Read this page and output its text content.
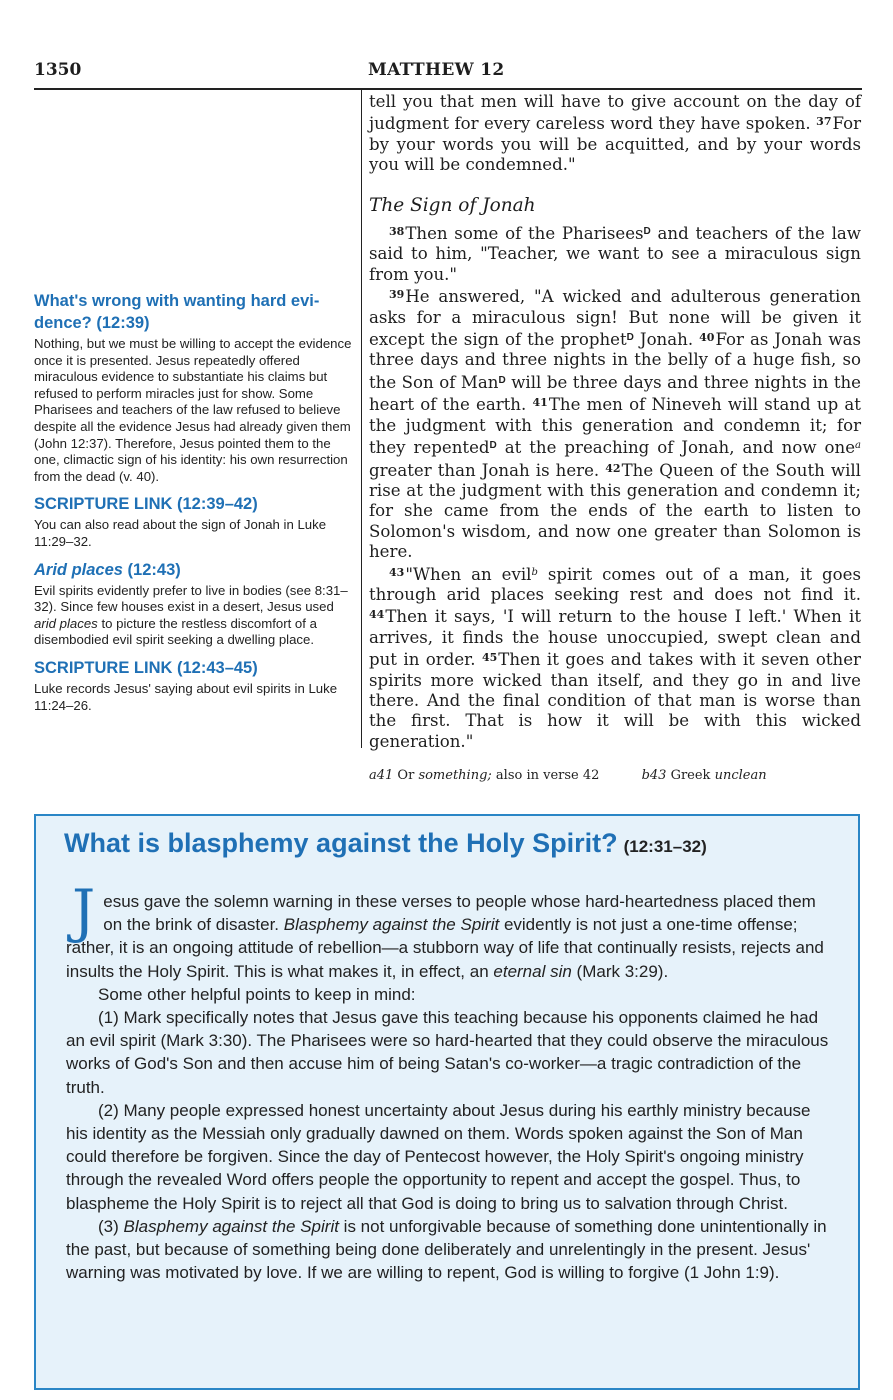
1350	MATTHEW 12

What's wrong with wanting hard evi-
dence? (12:39)

Nothing, but we must be willing to accept the evidence once it is presented. Jesus repeatedly offered miraculous evidence to substantiate his claims but refused to perform miracles just for show. Some Pharisees and teachers of the law refused to believe despite all the evidence Jesus had already given them (John 12:37). Therefore, Jesus pointed them to the one, climactic sign of his identity: his own resurrection from the dead (v. 40).

SCRIPTURE LINK (12:39–42)

You can also read about the sign of Jonah in Luke 11:29–32.

Arid places (12:43)

Evil spirits evidently prefer to live in bodies (see 8:31–32). Since few houses exist in a desert, Jesus used arid places to picture the restless discomfort of a disembodied evil spirit seeking a dwelling place.

SCRIPTURE LINK (12:43–45)

Luke records Jesus' saying about evil spirits in Luke 11:24–26.

tell you that men will have to give account on the day of judgment for every careless word they have spoken. $^{37}$For by your words you will be acquitted, and by your words you will be condemned."

The Sign of Jonah

$^{38}$Then some of the Pharisees$^D$ and teachers of the law said to him, "Teacher, we want to see a miraculous sign from you."

$^{39}$He answered, "A wicked and adulterous generation asks for a miraculous sign! But none will be given it except the sign of the prophet$^D$ Jonah. $^{40}$For as Jonah was three days and three nights in the belly of a huge fish, so the Son of Man$^D$ will be three days and three nights in the heart of the earth. $^{41}$The men of Nineveh will stand up at the judgment with this generation and condemn it; for they repented$^D$ at the preaching of Jonah, and now one$^a$ greater than Jonah is here. $^{42}$The Queen of the South will rise at the judgment with this generation and condemn it; for she came from the ends of the earth to listen to Solomon's wisdom, and now one greater than Solomon is here.

$^{43}$"When an evil$^b$ spirit comes out of a man, it goes through arid places seeking rest and does not find it. $^{44}$Then it says, 'I will return to the house I left.' When it arrives, it finds the house unoccupied, swept clean and put in order. $^{45}$Then it goes and takes with it seven other spirits more wicked than itself, and they go in and live there. And the final condition of that man is worse than the first. That is how it will be with this wicked generation."

a41 Or something; also in verse 42	b43 Greek unclean
What is blasphemy against the Holy Spirit? (12:31–32)

Jesus gave the solemn warning in these verses to people whose hard-heartedness placed them on the brink of disaster. Blasphemy against the Spirit evidently is not just a one-time offense; rather, it is an ongoing attitude of rebellion—a stubborn way of life that continually resists, rejects and insults the Holy Spirit. This is what makes it, in effect, an eternal sin (Mark 3:29).

Some other helpful points to keep in mind:

(1) Mark specifically notes that Jesus gave this teaching because his opponents claimed he had an evil spirit (Mark 3:30). The Pharisees were so hard-hearted that they could observe the miraculous works of God's Son and then accuse him of being Satan's co-worker—a tragic contradiction of the truth.

(2) Many people expressed honest uncertainty about Jesus during his earthly ministry because his identity as the Messiah only gradually dawned on them. Words spoken against the Son of Man could therefore be forgiven. Since the day of Pentecost however, the Holy Spirit's ongoing ministry through the revealed Word offers people the opportunity to repent and accept the gospel. Thus, to blaspheme the Holy Spirit is to reject all that God is doing to bring us to salvation through Christ.

(3) Blasphemy against the Spirit is not unforgivable because of something done unintentionally in the past, but because of something being done deliberately and unrelentingly in the present. Jesus' warning was motivated by love. If we are willing to repent, God is willing to forgive (1 John 1:9).
